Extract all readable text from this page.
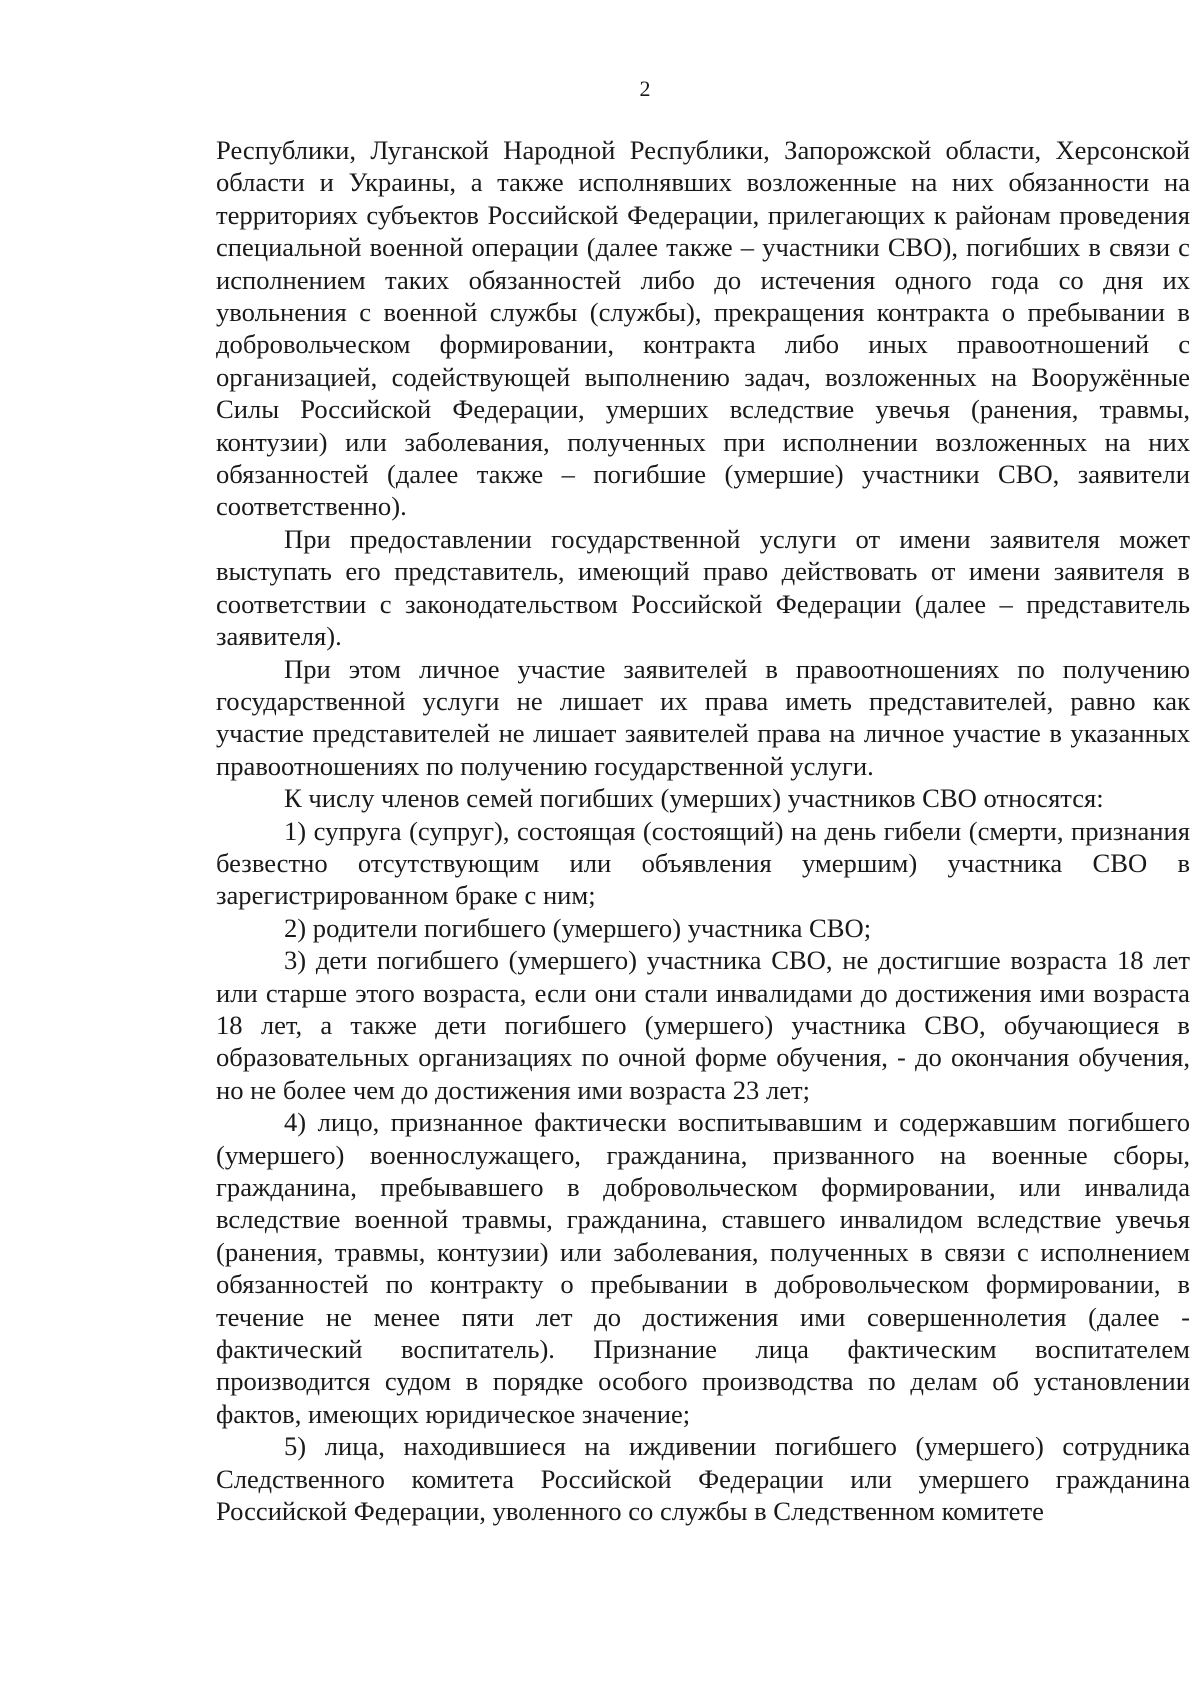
2

Республики, Луганской Народной Республики, Запорожской области, Херсонской области и Украины, а также исполнявших возложенные на них обязанности на территориях субъектов Российской Федерации, прилегающих к районам проведения специальной военной операции (далее также – участники СВО), погибших в связи с исполнением таких обязанностей либо до истечения одного года со дня их увольнения с военной службы (службы), прекращения контракта о пребывании в добровольческом формировании, контракта либо иных правоотношений с организацией, содействующей выполнению задач, возложенных на Вооружённые Силы Российской Федерации, умерших вследствие увечья (ранения, травмы, контузии) или заболевания, полученных при исполнении возложенных на них обязанностей (далее также – погибшие (умершие) участники СВО, заявители соответственно).

При предоставлении государственной услуги от имени заявителя может выступать его представитель, имеющий право действовать от имени заявителя в соответствии с законодательством Российской Федерации (далее – представитель заявителя).

При этом личное участие заявителей в правоотношениях по получению государственной услуги не лишает их права иметь представителей, равно как участие представителей не лишает заявителей права на личное участие в указанных правоотношениях по получению государственной услуги.

К числу членов семей погибших (умерших) участников СВО относятся:

1) супруга (супруг), состоящая (состоящий) на день гибели (смерти, признания безвестно отсутствующим или объявления умершим) участника СВО в зарегистрированном браке с ним;

2) родители погибшего (умершего) участника СВО;

3) дети погибшего (умершего) участника СВО, не достигшие возраста 18 лет или старше этого возраста, если они стали инвалидами до достижения ими возраста 18 лет, а также дети погибшего (умершего) участника СВО, обучающиеся в образовательных организациях по очной форме обучения, - до окончания обучения, но не более чем до достижения ими возраста 23 лет;

4) лицо, признанное фактически воспитывавшим и содержавшим погибшего (умершего) военнослужащего, гражданина, призванного на военные сборы, гражданина, пребывавшего в добровольческом формировании, или инвалида вследствие военной травмы, гражданина, ставшего инвалидом вследствие увечья (ранения, травмы, контузии) или заболевания, полученных в связи с исполнением обязанностей по контракту о пребывании в добровольческом формировании, в течение не менее пяти лет до достижения ими совершеннолетия (далее - фактический воспитатель). Признание лица фактическим воспитателем производится судом в порядке особого производства по делам об установлении фактов, имеющих юридическое значение;

5) лица, находившиеся на иждивении погибшего (умершего) сотрудника Следственного комитета Российской Федерации или умершего гражданина Российской Федерации, уволенного со службы в Следственном комитете
